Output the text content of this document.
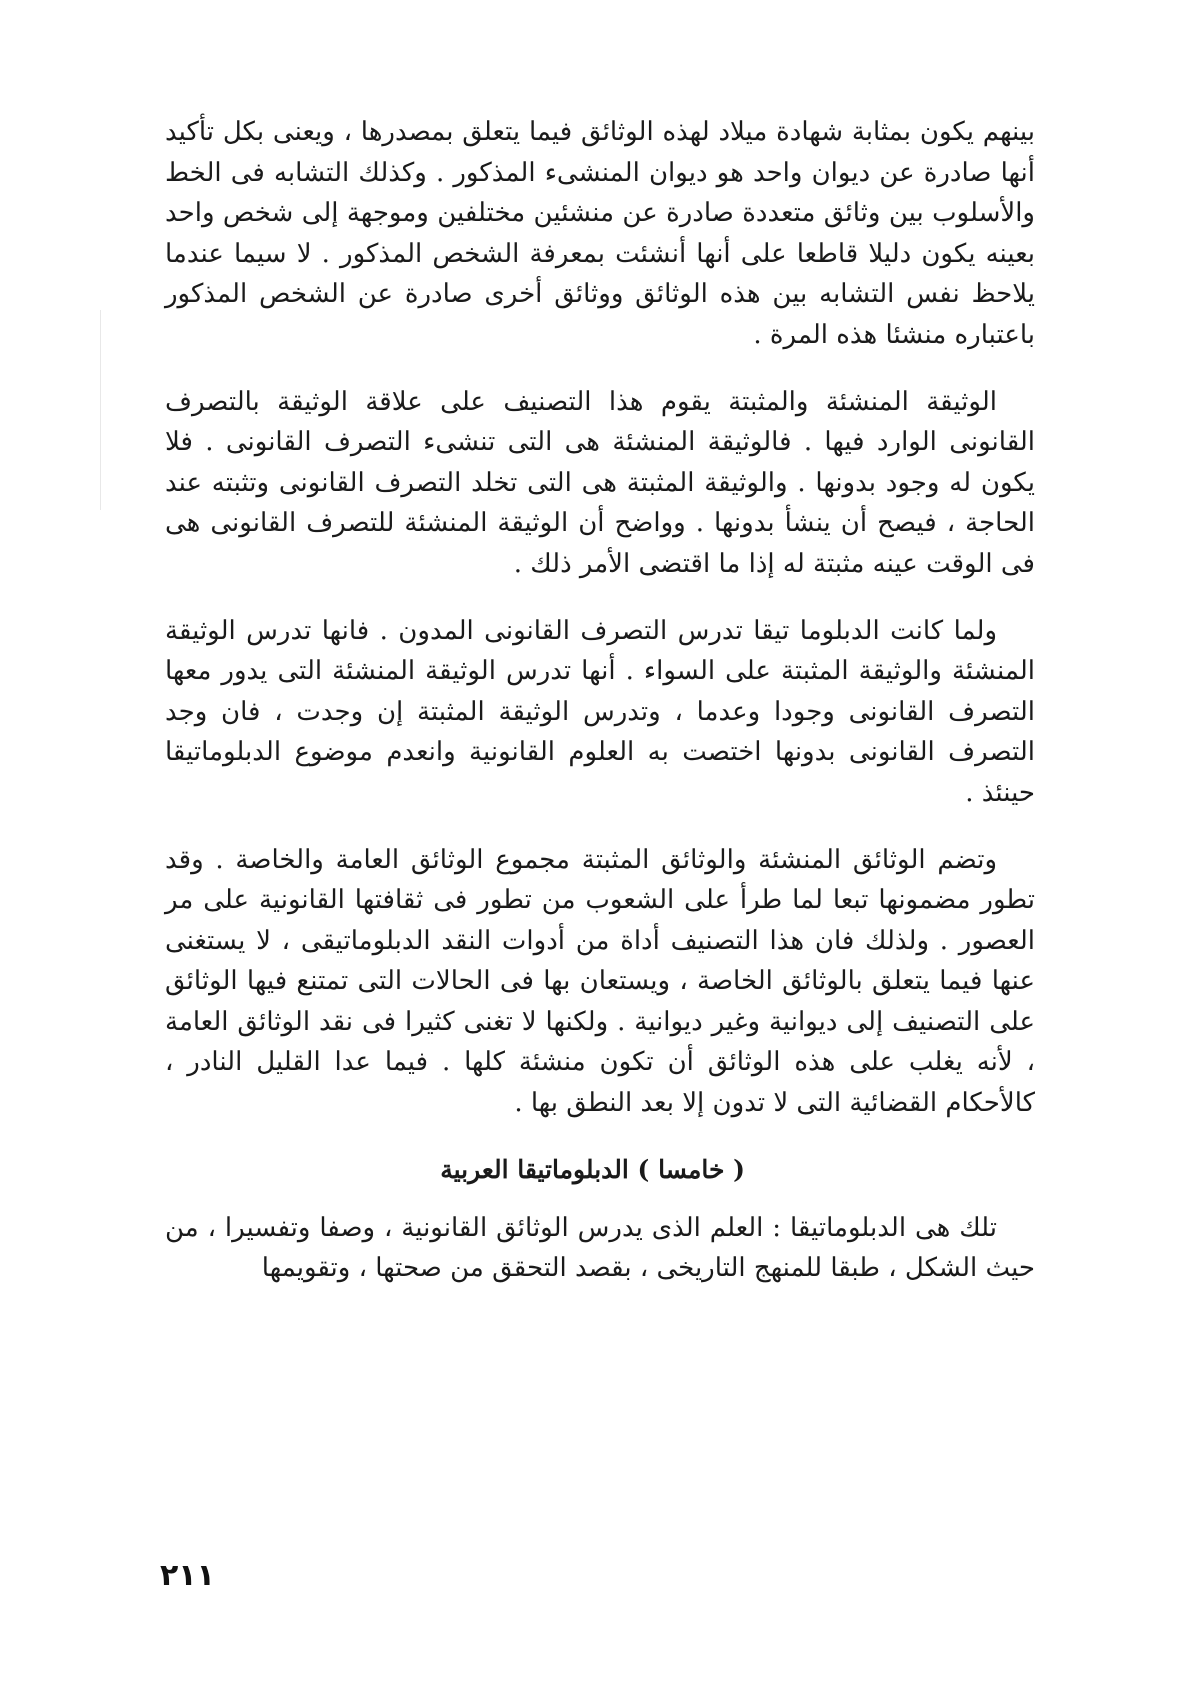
بينهم يكون بمثابة شهادة ميلاد لهذه الوثائق فيما يتعلق بمصدرها ، ويعنى بكل تأكيد أنها صادرة عن ديوان واحد هو ديوان المنشىء المذكور . وكذلك التشابه فى الخط والأسلوب بين وثائق متعددة صادرة عن منشئين مختلفين وموجهة إلى شخص واحد بعينه يكون دليلا قاطعا على أنها أنشئت بمعرفة الشخص المذكور . لا سيما عندما يلاحظ نفس التشابه بين هذه الوثائق ووثائق أخرى صادرة عن الشخص المذكور باعتباره منشئا هذه المرة .

الوثيقة المنشئة والمثبتة يقوم هذا التصنيف على علاقة الوثيقة بالتصرف القانونى الوارد فيها . فالوثيقة المنشئة هى التى تنشىء التصرف القانونى . فلا يكون له وجود بدونها . والوثيقة المثبتة هى التى تخلد التصرف القانونى وتثبته عند الحاجة ، فيصح أن ينشأ بدونها . وواضح أن الوثيقة المنشئة للتصرف القانونى هى فى الوقت عينه مثبتة له إذا ما اقتضى الأمر ذلك .

ولما كانت الدبلوما تيقا تدرس التصرف القانونى المدون . فانها تدرس الوثيقة المنشئة والوثيقة المثبتة على السواء . أنها تدرس الوثيقة المنشئة التى يدور معها التصرف القانونى وجودا وعدما ، وتدرس الوثيقة المثبتة إن وجدت ، فان وجد التصرف القانونى بدونها اختصت به العلوم القانونية وانعدم موضوع الدبلوماتيقا حينئذ .

وتضم الوثائق المنشئة والوثائق المثبتة مجموع الوثائق العامة والخاصة . وقد تطور مضمونها تبعا لما طرأ على الشعوب من تطور فى ثقافتها القانونية على مر العصور . ولذلك فان هذا التصنيف أداة من أدوات النقد الدبلوماتيقى ، لا يستغنى عنها فيما يتعلق بالوثائق الخاصة ، ويستعان بها فى الحالات التى تمتنع فيها الوثائق على التصنيف إلى ديوانية وغير ديوانية . ولكنها لا تغنى كثيرا فى نقد الوثائق العامة ، لأنه يغلب على هذه الوثائق أن تكون منشئة كلها . فيما عدا القليل النادر ، كالأحكام القضائية التى لا تدون إلا بعد النطق بها .

( خامسا ) الدبلوماتيقا العربية

تلك هى الدبلوماتيقا : العلم الذى يدرس الوثائق القانونية ، وصفا وتفسيرا ، من حيث الشكل ، طبقا للمنهج التاريخى ، بقصد التحقق من صحتها ، وتقويمها

٢١١
